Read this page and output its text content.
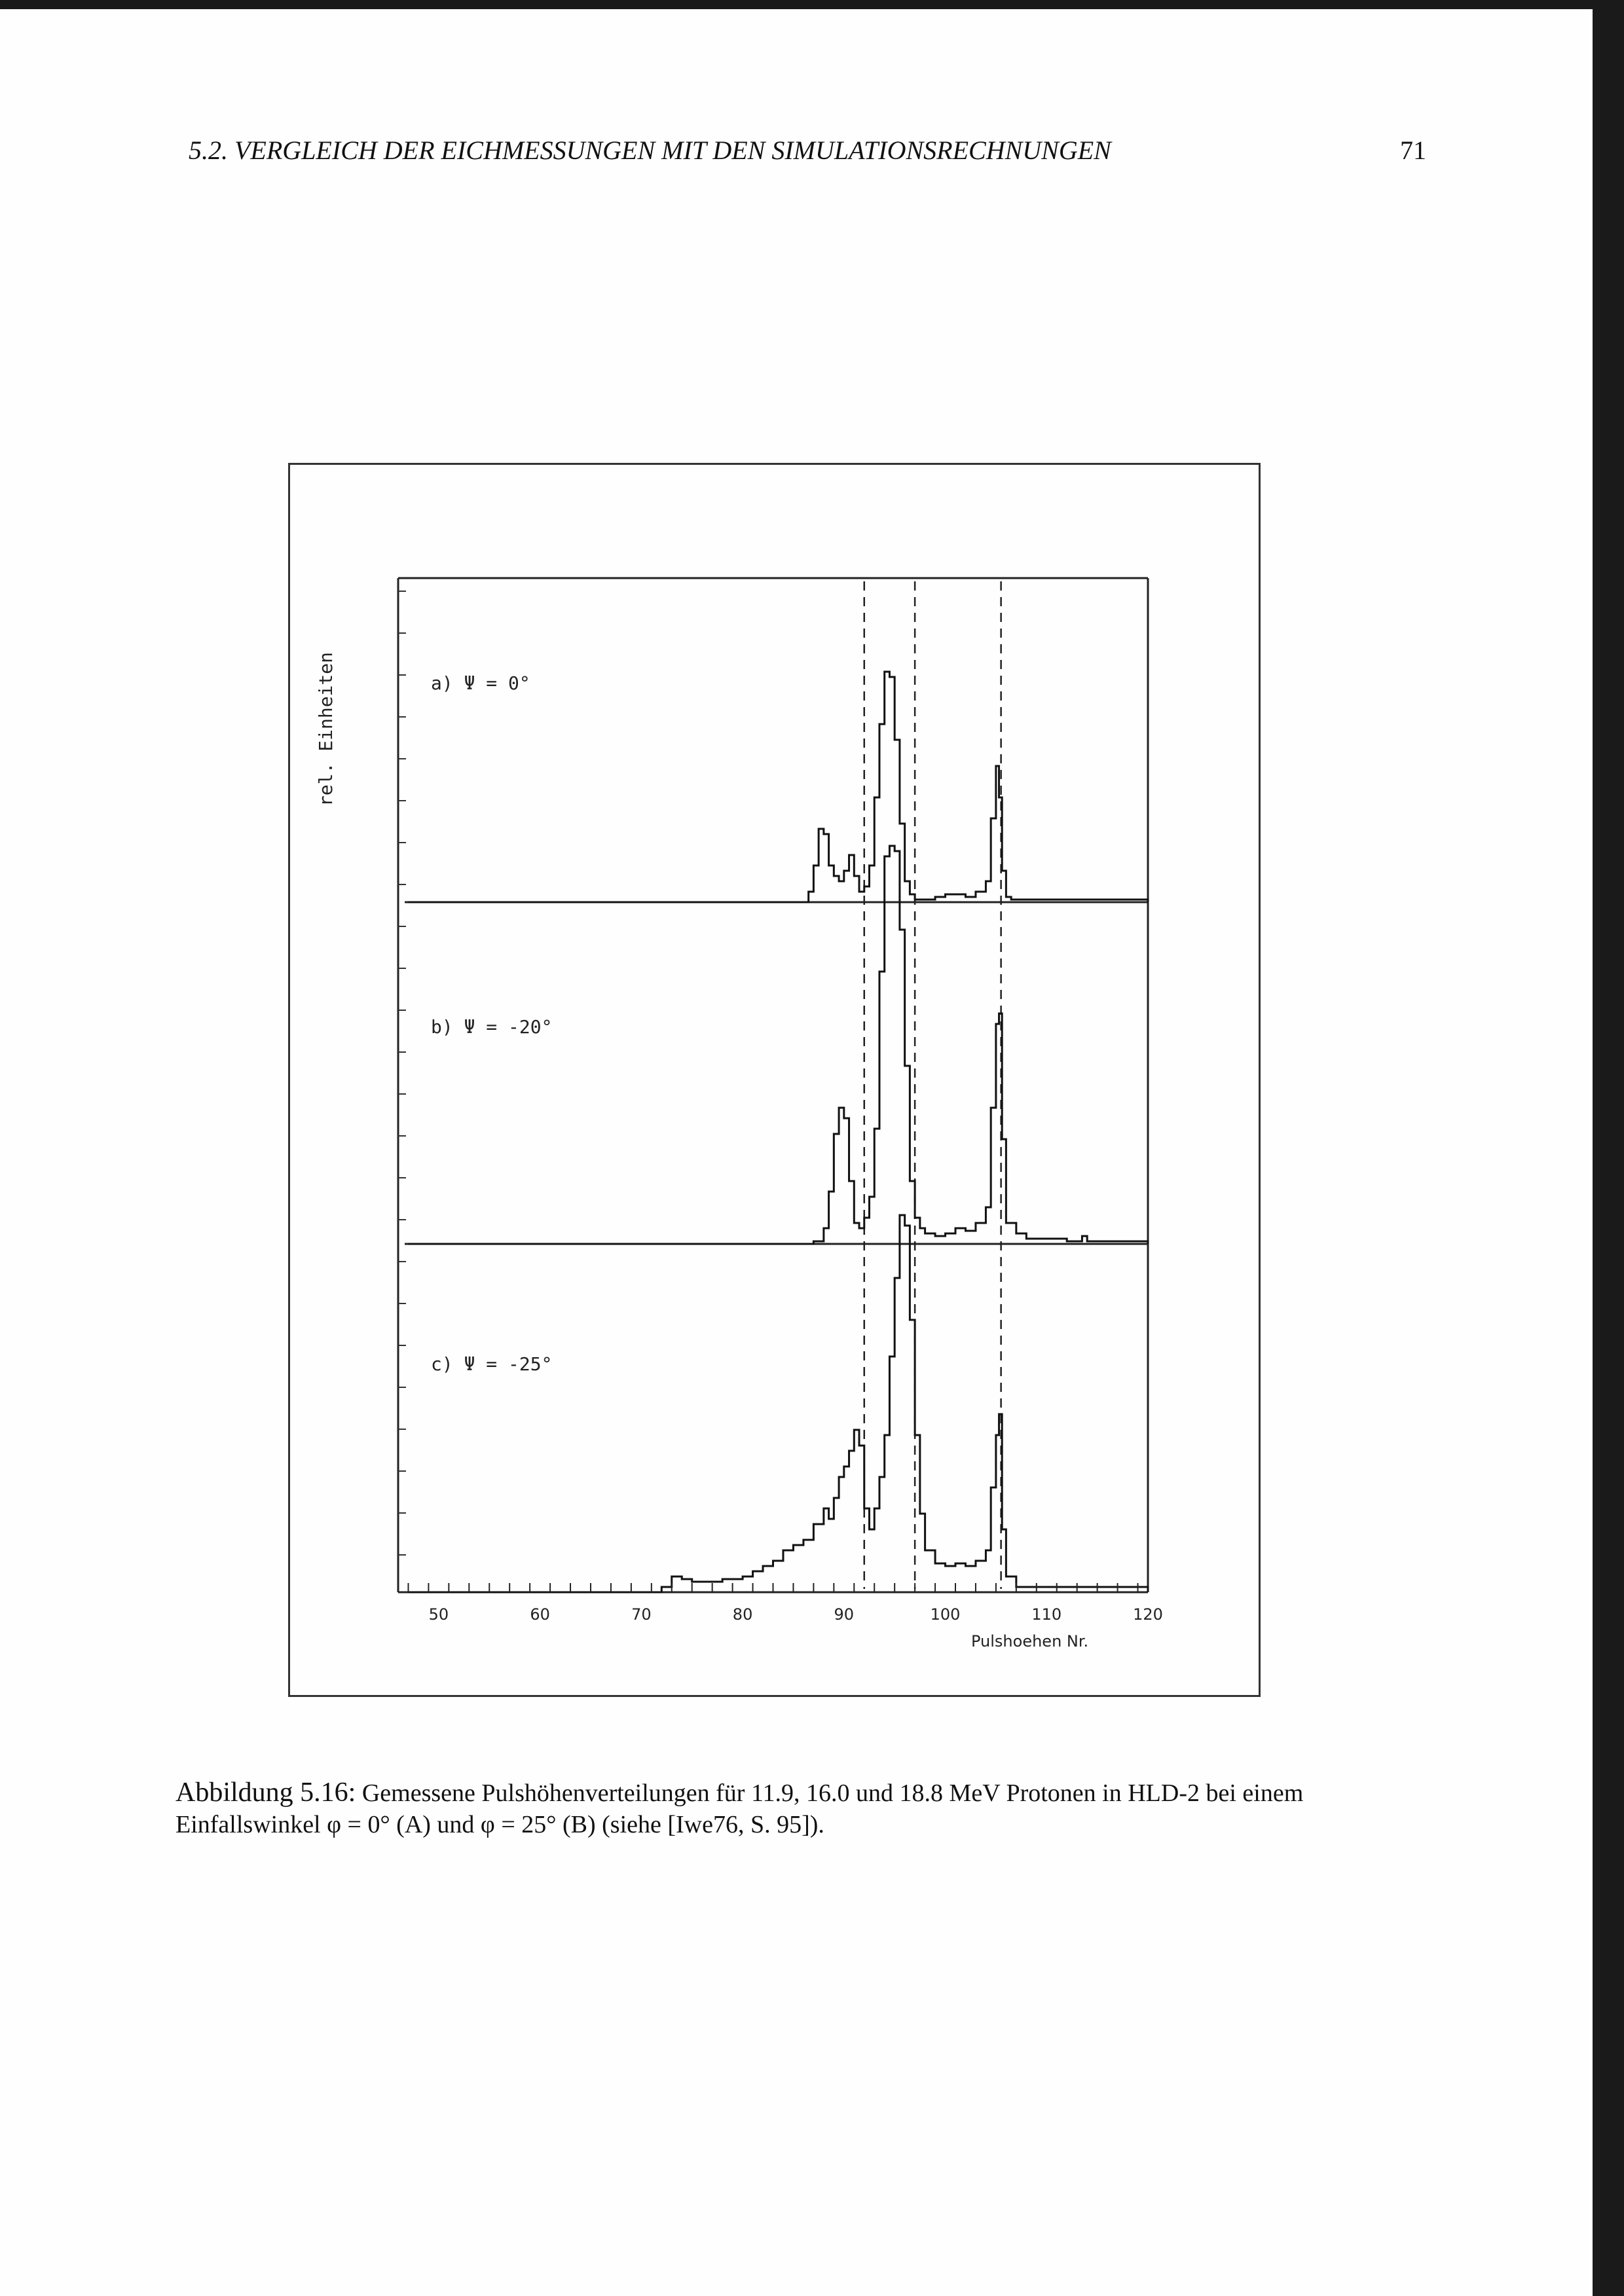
5.2. VERGLEICH DER EICHMESSUNGEN MIT DEN SIMULATIONSRECHNUNGEN	71
rel. Einheiten	a) Ψ = 0°
b) Ψ = -20°
c) Ψ = -25°
50	60	70	80	90	100	110	120
Pulshoehen Nr.
Abbildung 5.16: Gemessene Pulshöhenverteilungen für 11.9, 16.0 und 18.8 MeV Protonen in HLD-2 bei einem Einfallswinkel φ = 0° (A) und φ = 25° (B) (siehe [Iwe76, S. 95]).
